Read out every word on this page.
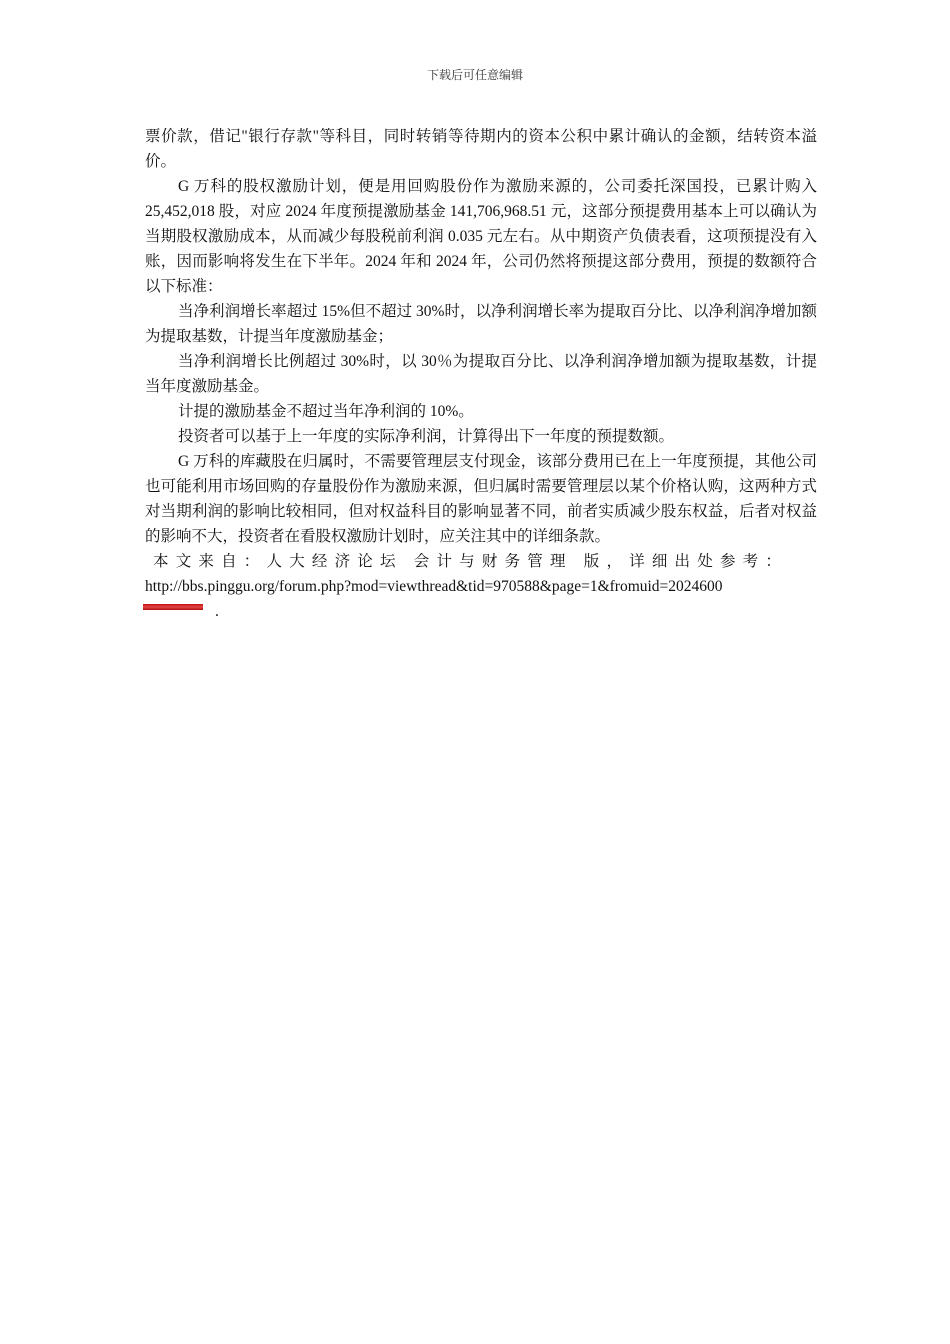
下载后可任意编辑

票价款，借记"银行存款"等科目，同时转销等待期内的资本公积中累计确认的金额，结转资本溢价。

G 万科的股权激励计划，便是用回购股份作为激励来源的，公司委托深国投，已累计购入 25,452,018 股，对应 2024 年度预提激励基金 141,706,968.51 元，这部分预提费用基本上可以确认为当期股权激励成本，从而减少每股税前利润 0.035 元左右。从中期资产负债表看，这项预提没有入账，因而影响将发生在下半年。2024 年和 2024 年，公司仍然将预提这部分费用，预提的数额符合以下标准：

当净利润增长率超过 15%但不超过 30%时，以净利润增长率为提取百分比、以净利润净增加额为提取基数，计提当年度激励基金；

当净利润增长比例超过 30%时，以 30％为提取百分比、以净利润净增加额为提取基数，计提当年度激励基金。

计提的激励基金不超过当年净利润的 10%。

投资者可以基于上一年度的实际净利润，计算得出下一年度的预提数额。

G 万科的库藏股在归属时，不需要管理层支付现金，该部分费用已在上一年度预提，其他公司也可能利用市场回购的存量股份作为激励来源，但归属时需要管理层以某个价格认购，这两种方式对当期利润的影响比较相同，但对权益科目的影响显著不同，前者实质减少股东权益，后者对权益的影响不大，投资者在看股权激励计划时，应关注其中的详细条款。

本文来自：人大经济论坛 会计与财务管理 版，详细出处参考：

http://bbs.pinggu.org/forum.php?mod=viewthread&tid=970588&page=1&fromuid=2024600

.
